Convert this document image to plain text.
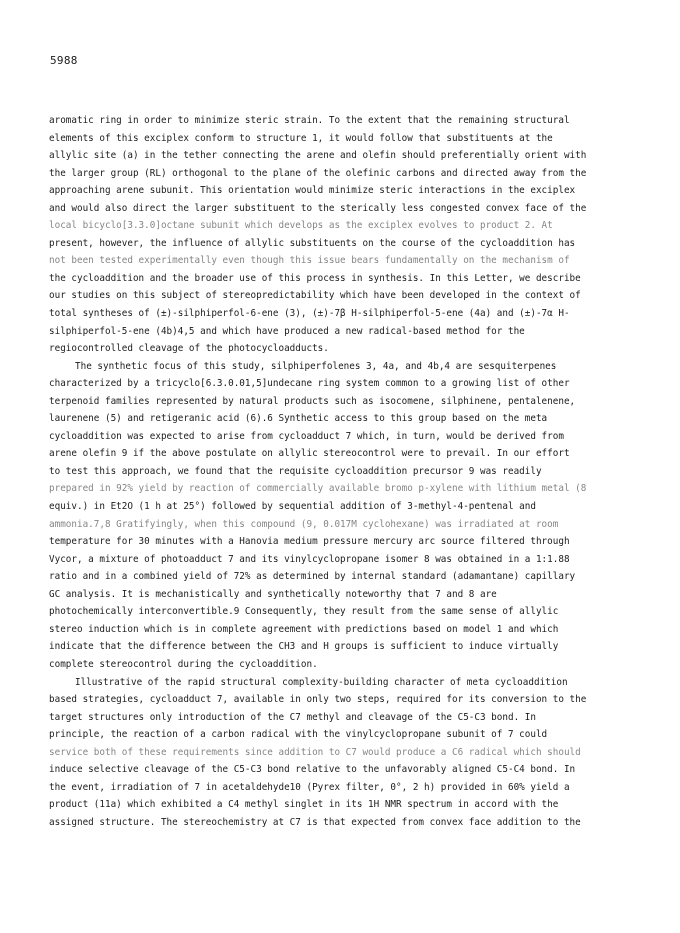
5988
aromatic ring in order to minimize steric strain. To the extent that the remaining structural
elements of this exciplex conform to structure 1, it would follow that substituents at the
allylic site (a) in the tether connecting the arene and olefin should preferentially orient with
the larger group (RL) orthogonal to the plane of the olefinic carbons and directed away from the
approaching arene subunit. This orientation would minimize steric interactions in the exciplex
and would also direct the larger substituent to the sterically less congested convex face of the
local bicyclo[3.3.0]octane subunit which develops as the exciplex evolves to product 2. At
present, however, the influence of allylic substituents on the course of the cycloaddition has
not been tested experimentally even though this issue bears fundamentally on the mechanism of
the cycloaddition and the broader use of this process in synthesis. In this Letter, we describe
our studies on this subject of stereopredictability which have been developed in the context of
total syntheses of (±)-silphiperfol-6-ene (3), (±)-7β H-silphiperfol-5-ene (4a) and (±)-7α H-
silphiperfol-5-ene (4b)4,5 and which have produced a new radical-based method for the
regiocontrolled cleavage of the photocycloadducts.
The synthetic focus of this study, silphiperfolenes 3, 4a, and 4b,4 are sesquiterpenes
characterized by a tricyclo[6.3.0.01,5]undecane ring system common to a growing list of other
terpenoid families represented by natural products such as isocomene, silphinene, pentalenene,
laurenene (5) and retigeranic acid (6).6 Synthetic access to this group based on the meta
cycloaddition was expected to arise from cycloadduct 7 which, in turn, would be derived from
arene olefin 9 if the above postulate on allylic stereocontrol were to prevail. In our effort
to test this approach, we found that the requisite cycloaddition precursor 9 was readily
prepared in 92% yield by reaction of commercially available bromo p-xylene with lithium metal (8
equiv.) in Et2O (1 h at 25°) followed by sequential addition of 3-methyl-4-pentenal and
ammonia.7,8 Gratifyingly, when this compound (9, 0.017M cyclohexane) was irradiated at room
temperature for 30 minutes with a Hanovia medium pressure mercury arc source filtered through
Vycor, a mixture of photoadduct 7 and its vinylcyclopropane isomer 8 was obtained in a 1:1.88
ratio and in a combined yield of 72% as determined by internal standard (adamantane) capillary
GC analysis. It is mechanistically and synthetically noteworthy that 7 and 8 are
photochemically interconvertible.9 Consequently, they result from the same sense of allylic
stereo induction which is in complete agreement with predictions based on model 1 and which
indicate that the difference between the CH3 and H groups is sufficient to induce virtually
complete stereocontrol during the cycloaddition.
Illustrative of the rapid structural complexity-building character of meta cycloaddition
based strategies, cycloadduct 7, available in only two steps, required for its conversion to the
target structures only introduction of the C7 methyl and cleavage of the C5-C3 bond. In
principle, the reaction of a carbon radical with the vinylcyclopropane subunit of 7 could
service both of these requirements since addition to C7 would produce a C6 radical which should
induce selective cleavage of the C5-C3 bond relative to the unfavorably aligned C5-C4 bond. In
the event, irradiation of 7 in acetaldehyde10 (Pyrex filter, 0°, 2 h) provided in 60% yield a
product (11a) which exhibited a C4 methyl singlet in its 1H NMR spectrum in accord with the
assigned structure. The stereochemistry at C7 is that expected from convex face addition to the
